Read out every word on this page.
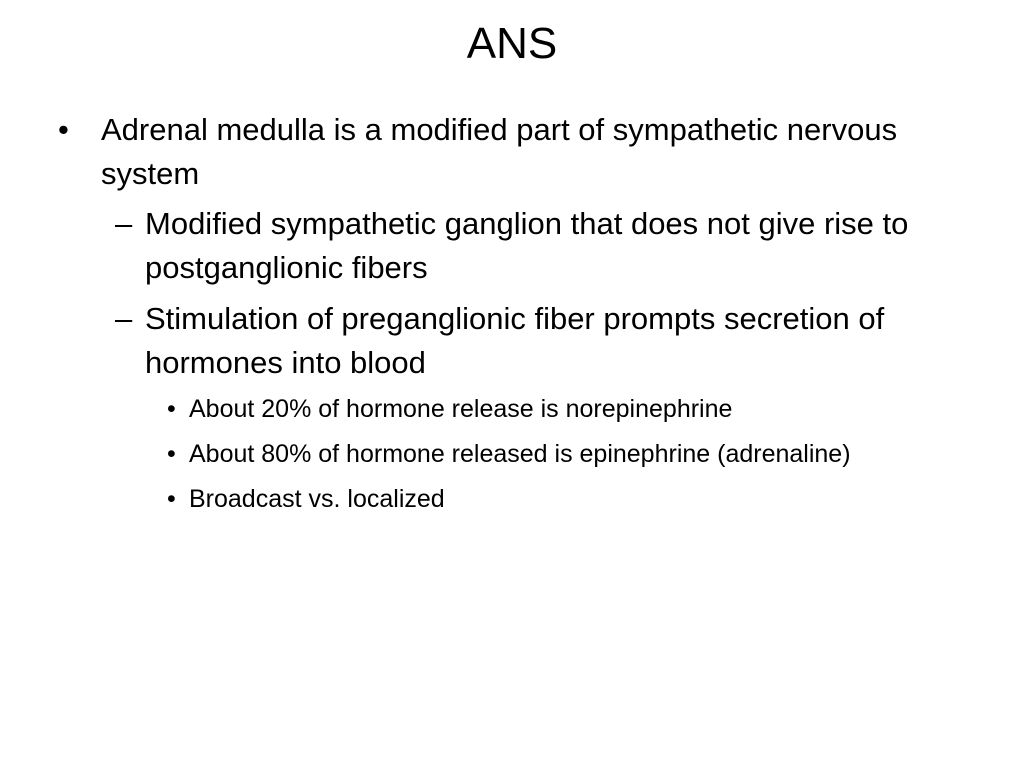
ANS
• Adrenal medulla is a modified part of sympathetic nervous system
– Modified sympathetic ganglion that does not give rise to postganglionic fibers
– Stimulation of preganglionic fiber prompts secretion of hormones into blood
• About 20% of hormone release is norepinephrine
• About 80% of hormone released is epinephrine (adrenaline)
• Broadcast vs. localized
